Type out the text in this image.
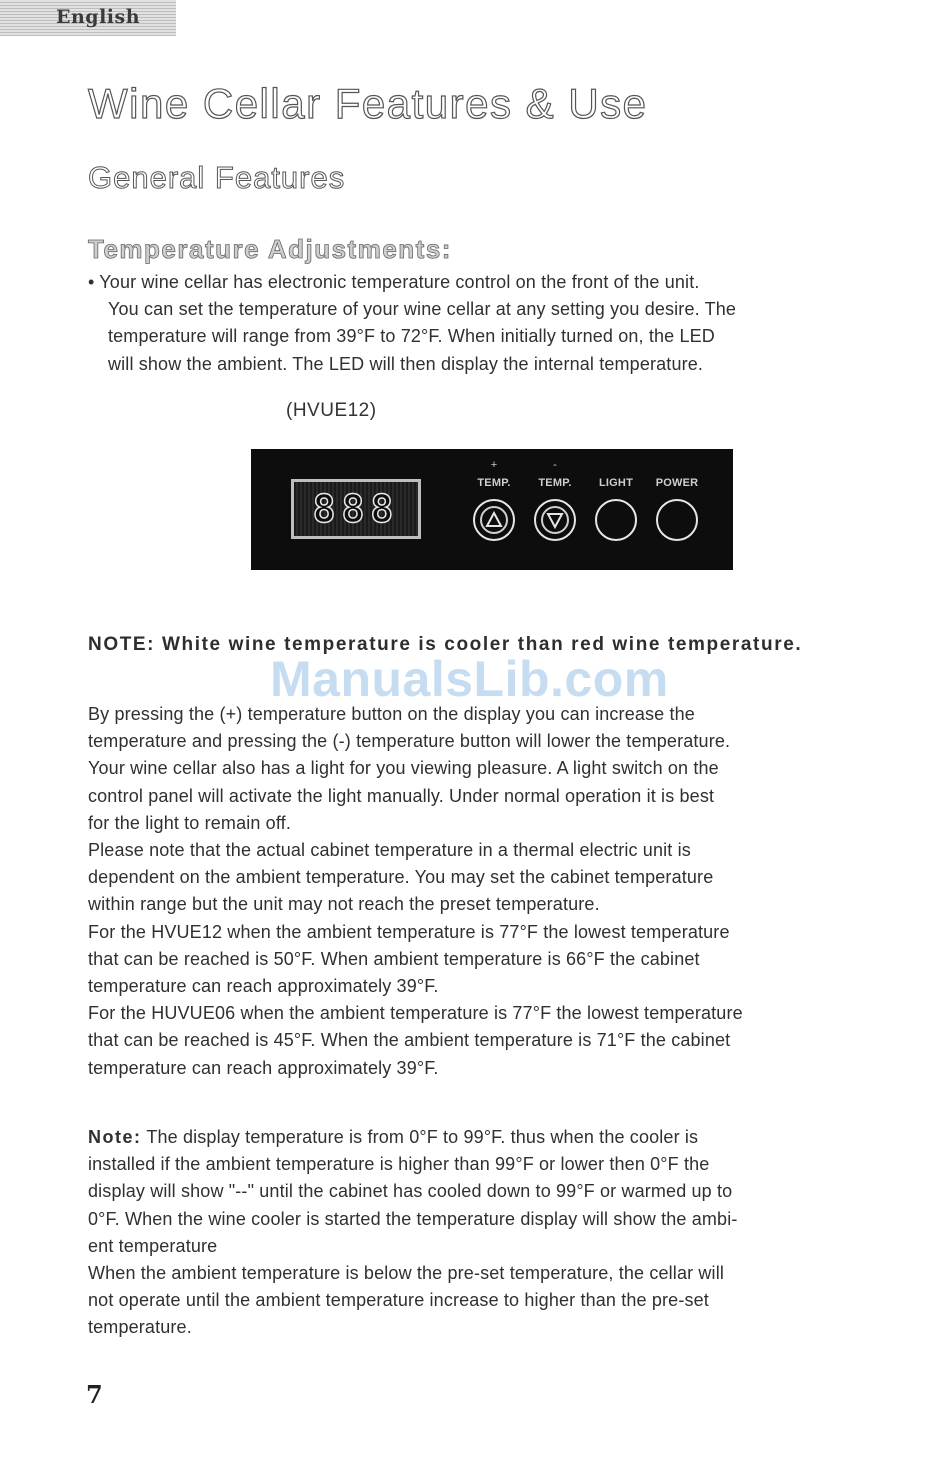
English
Wine Cellar Features & Use
General Features
Temperature Adjustments:
• Your wine cellar has electronic temperature control on the front of the unit.
You can set the temperature of your wine cellar at any setting you desire. The
temperature will range from 39°F to 72°F. When initially turned on, the LED
will show the ambient. The LED will then display the internal temperature.
(HVUE12)
888
+
TEMP.
-
TEMP.	LIGHT	POWER

NOTE: White wine temperature is cooler than red wine temperature.

ManualsLib.com
By pressing the (+) temperature button on the display you can increase the
temperature and pressing the (-) temperature button will lower the temperature.
Your wine cellar also has a light for you viewing pleasure. A light switch on the
control panel will activate the light manually. Under normal operation it is best
for the light to remain off.
Please note that the actual cabinet temperature in a thermal electric unit is
dependent on the ambient temperature. You may set the cabinet temperature
within range but the unit may not reach the preset temperature.
For the HVUE12 when the ambient temperature is 77°F the lowest temperature
that can be reached is 50°F. When ambient temperature is 66°F the cabinet
temperature can reach approximately 39°F.
For the HUVUE06 when the ambient temperature is 77°F the lowest temperature
that can be reached is 45°F. When the ambient temperature is 71°F the cabinet
temperature can reach approximately 39°F.
Note: The display temperature is from 0°F to 99°F. thus when the cooler is
installed if the ambient temperature is higher than 99°F or lower then 0°F the
display will show "--" until the cabinet has cooled down to 99°F or warmed up to
0°F. When the wine cooler is started the temperature display will show the ambi-
ent temperature
When the ambient temperature is below the pre-set temperature, the cellar will
not operate until the ambient temperature increase to higher than the pre-set
temperature.
7
